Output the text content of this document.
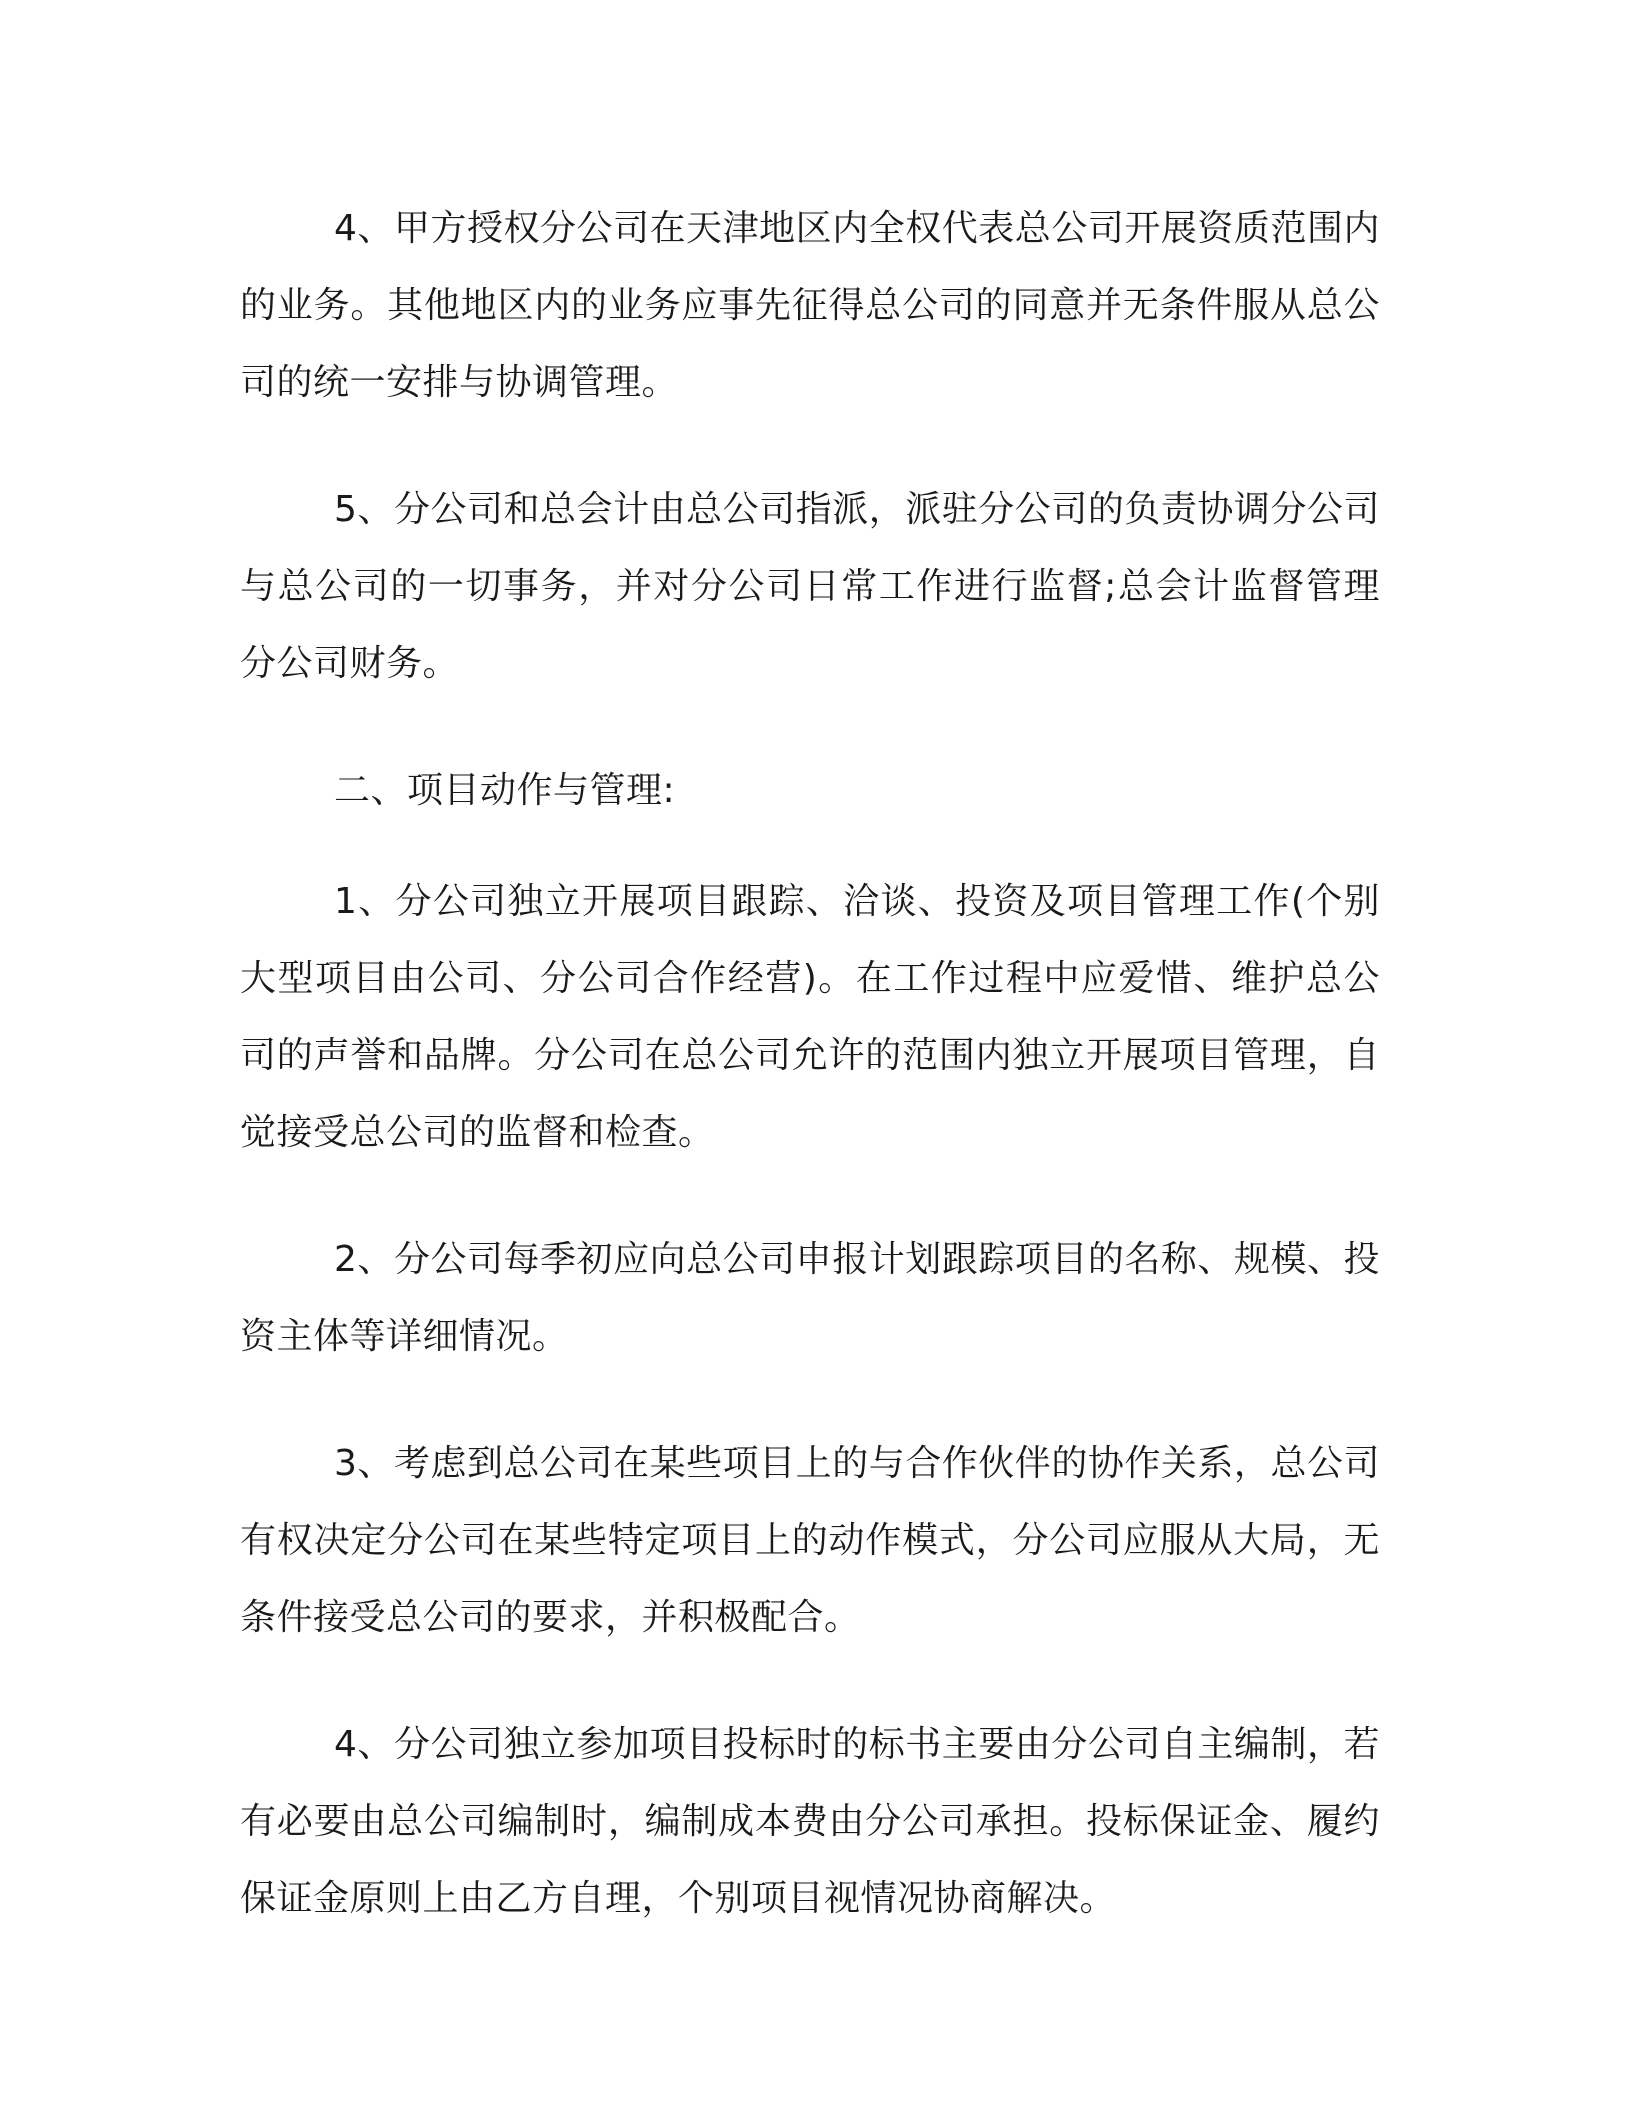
4、甲方授权分公司在天津地区内全权代表总公司开展资质范围内的业务。其他地区内的业务应事先征得总公司的同意并无条件服从总公司的统一安排与协调管理。

5、分公司和总会计由总公司指派，派驻分公司的负责协调分公司与总公司的一切事务，并对分公司日常工作进行监督;总会计监督管理分公司财务。

二、项目动作与管理:

1、分公司独立开展项目跟踪、洽谈、投资及项目管理工作(个别大型项目由公司、分公司合作经营)。在工作过程中应爱惜、维护总公司的声誉和品牌。分公司在总公司允许的范围内独立开展项目管理，自觉接受总公司的监督和检查。

2、分公司每季初应向总公司申报计划跟踪项目的名称、规模、投资主体等详细情况。

3、考虑到总公司在某些项目上的与合作伙伴的协作关系，总公司有权决定分公司在某些特定项目上的动作模式，分公司应服从大局，无条件接受总公司的要求，并积极配合。

4、分公司独立参加项目投标时的标书主要由分公司自主编制，若有必要由总公司编制时，编制成本费由分公司承担。投标保证金、履约保证金原则上由乙方自理，个别项目视情况协商解决。
